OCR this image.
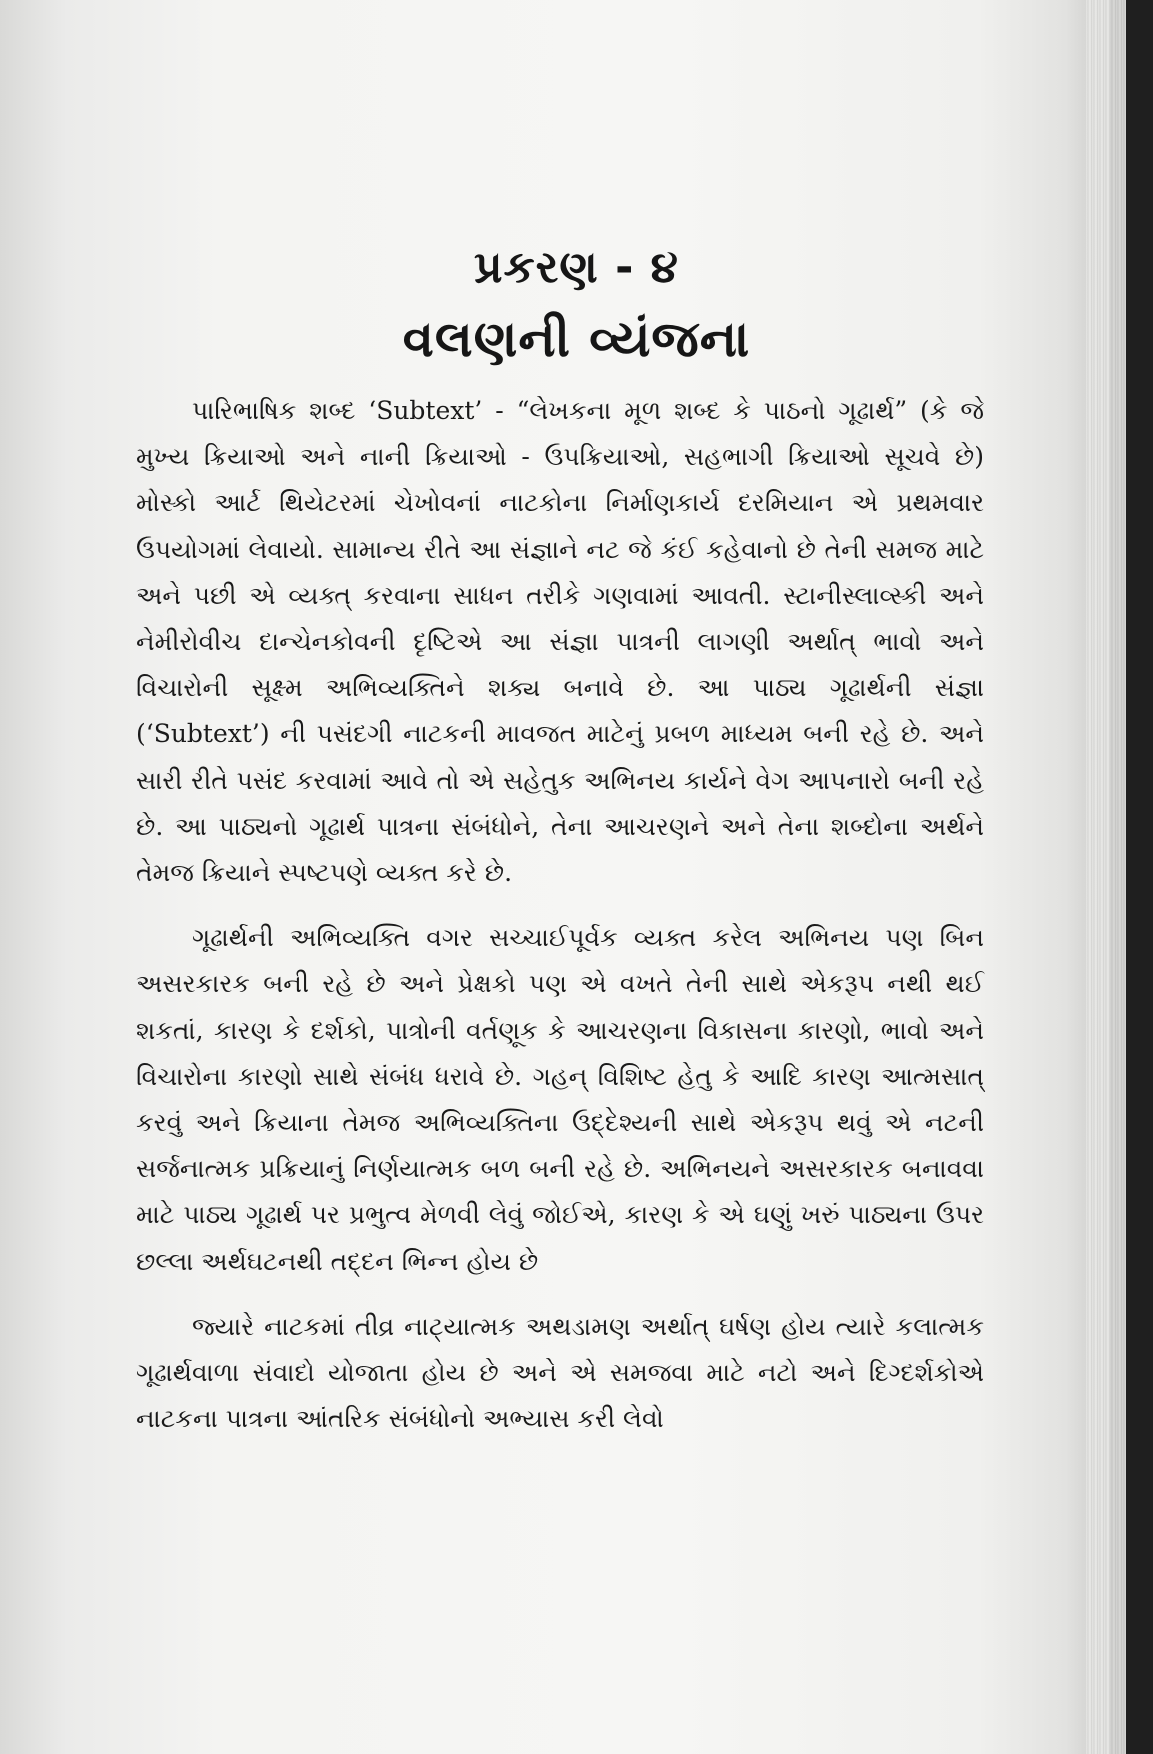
પ્રકરણ - ૪
વલણની વ્યંજના

પારિભાષિક શબ્દ ‘Subtext’ - “લેખકના મૂળ શબ્દ કે પાઠનો ગૂઢાર્થ” (કે જે મુખ્ય ક્રિયાઓ અને નાની ક્રિયાઓ - ઉપક્રિયાઓ, સહભાગી ક્રિયાઓ સૂચવે છે) મોસ્કો આર્ટ થિયેટરમાં ચેખોવનાં નાટકોના નિર્માણકાર્ય દરમિયાન એ પ્રથમવાર ઉપયોગમાં લેવાયો. સામાન્ય રીતે આ સંજ્ઞાને નટ જે કંઈ કહેવાનો છે તેની સમજ માટે અને પછી એ વ્યક્ત્ કરવાના સાધન તરીકે ગણવામાં આવતી. સ્ટાનીસ્લાવ્સ્કી અને નેમીરોવીચ દાન્ચેનકોવની દૃષ્ટિએ આ સંજ્ઞા પાત્રની લાગણી અર્થાત્ ભાવો અને વિચારોની સૂક્ષ્મ અભિવ્યક્તિને શક્ય બનાવે છે. આ પાઠ્ય ગૂઢાર્થની સંજ્ઞા (‘Subtext’) ની પસંદગી નાટકની માવજત માટેનું પ્રબળ માધ્યમ બની રહે છે. અને સારી રીતે પસંદ કરવામાં આવે તો એ સહેતુક અભિનય કાર્યને વેગ આપનારો બની રહે છે. આ પાઠ્યનો ગૂઢાર્થ પાત્રના સંબંધોને, તેના આચરણને અને તેના શબ્દોના અર્થને તેમજ ક્રિયાને સ્પષ્ટપણે વ્યક્ત કરે છે.

ગૂઢાર્થની અભિવ્યક્તિ વગર સચ્ચાઈપૂર્વક વ્યક્ત કરેલ અભિનય પણ બિન અસરકારક બની રહે છે અને પ્રેક્ષકો પણ એ વખતે તેની સાથે એકરૂપ નથી થઈ શકતાં, કારણ કે દર્શકો, પાત્રોની વર્તણૂક કે આચરણના વિકાસના કારણો, ભાવો અને વિચારોના કારણો સાથે સંબંધ ધરાવે છે. ગહન્ વિશિષ્ટ હેતુ કે આદિ કારણ આત્મસાત્ કરવું અને ક્રિયાના તેમજ અભિવ્યક્તિના ઉદ્દેશ્યની સાથે એકરૂપ થવું એ નટની સર્જનાત્મક પ્રક્રિયાનું નિર્ણયાત્મક બળ બની રહે છે. અભિનયને અસરકારક બનાવવા માટે પાઠ્ય ગૂઢાર્થ પર પ્રભુત્વ મેળવી લેવું જોઈએ, કારણ કે એ ઘણું ખરું પાઠ્યના ઉપર છલ્લા અર્થઘટનથી તદ્દન ભિન્ન હોય છે

જ્યારે નાટકમાં તીવ્ર નાટ્યાત્મક અથડામણ અર્થાત્ ઘર્ષણ હોય ત્યારે કલાત્મક ગૂઢાર્થવાળા સંવાદો યોજાતા હોય છે અને એ સમજવા માટે નટો અને દિગ્દર્શકોએ નાટકના પાત્રના આંતરિક સંબંધોનો અભ્યાસ કરી લેવો
